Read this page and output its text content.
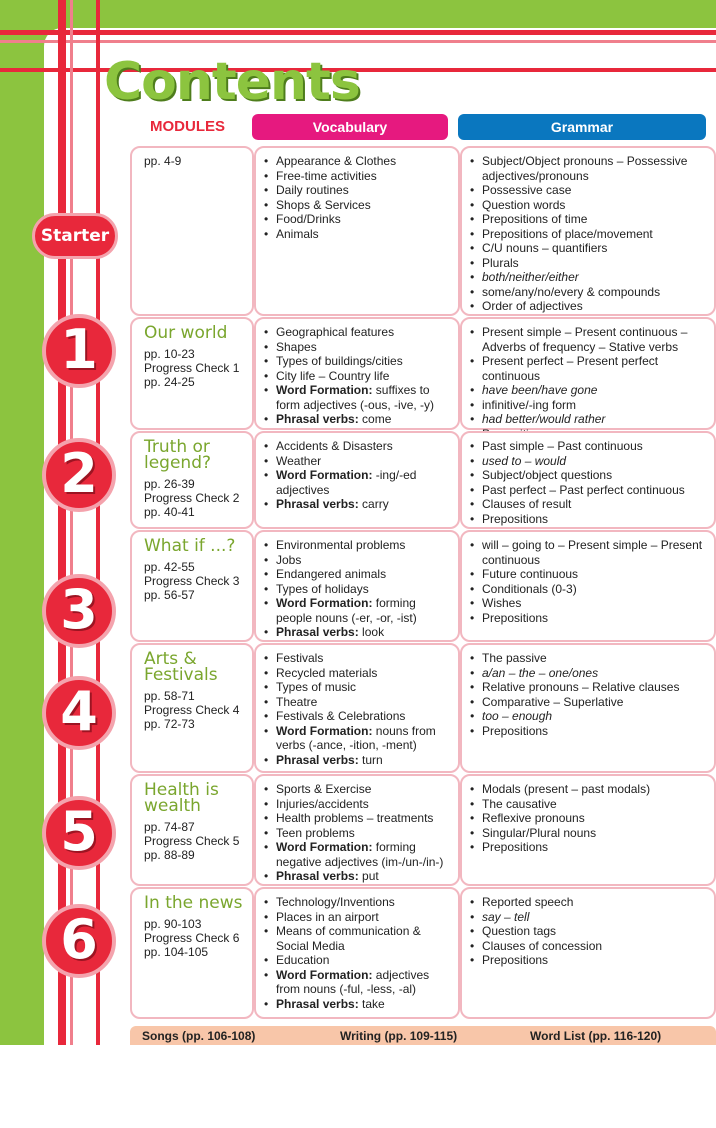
Contents
MODULES	Vocabulary	Grammar
pp. 4-9
•	Appearance & Clothes
• Free-time activities
• Daily routines
• Shops & Services
• Food/Drinks
• Animals
• Subject/Object pronouns – Possessive adjectives/pronouns
• Possessive case
• Question words
• Prepositions of time
• Prepositions of place/movement
• C/U nouns – quantifiers
• Plurals
• both/neither/either
• some/any/no/every & compounds
• Order of adjectives
Our world
pp. 10-23
Progress Check 1
pp. 24-25
• Geographical features
• Shapes
• Types of buildings/cities
• City life – Country life
• Word Formation: suffixes to form adjectives (-ous, -ive, -y)
• Phrasal verbs: come
• Present simple – Present continuous – Adverbs of frequency – Stative verbs
• Present perfect – Present perfect continuous
• have been/have gone
• infinitive/-ing form
• had better/would rather
•
Truth or legend?
pp. 26-39
Progress Check 2
pp. 40-41
• Accidents & Disasters
• Weather
• Word Formation: -ing/-ed adjectives
• Phrasal verbs: carry
• Past simple – Past continuous
• used to – would
• Subject/object questions
• Past perfect – Past perfect continuous
• Clauses of result
• Prepositions
What if ...?
pp. 42-55
Progress Check 3
pp. 56-57
• Environmental problems
• Jobs
• Endangered animals
• Types of holidays
• Word Formation: forming people nouns (-er, -or, -ist)
• Phrasal verbs: look
• will – going to – Present simple – Present continuous
• Future continuous
• Conditionals (0-3)
• Wishes
• Prepositions
Arts & Festivals
pp. 58-71
Progress Check 4
pp. 72-73
• Festivals
• Recycled materials
• Types of music
• Theatre
• Festivals & Celebrations
• Word Formation: nouns from verbs (-ance, -ition, -ment)
• Phrasal verbs: turn
• The passive
• a/an – the – one/ones
• Relative pronouns – Relative clauses
• Comparative – Superlative
• too – enough
• Prepositions
Health is wealth
pp. 74-87
Progress Check 5
pp. 88-89
• Sports & Exercise
• Injuries/accidents
• Health problems – treatments
• Teen problems
• Word Formation: forming negative adjectives (im-/un-/in-)
• Phrasal verbs: put
• Modals (present – past modals)
• The causative
• Reflexive pronouns
• Singular/Plural nouns
• Prepositions
In the news
pp. 90-103
Progress Check 6
pp. 104-105
• Technology/Inventions
• Places in an airport
• Means of communication & Social Media
• Education
• Word Formation: adjectives from nouns (-ful, -less, -al)
• Phrasal verbs: take
• Reported speech
• say – tell
• Question tags
• Clauses of concession
• Prepositions
Starter
Songs (pp. 106-108)	Writing (pp. 109-115)	Word List (pp. 116-120)
1
2
3
4
5
6
